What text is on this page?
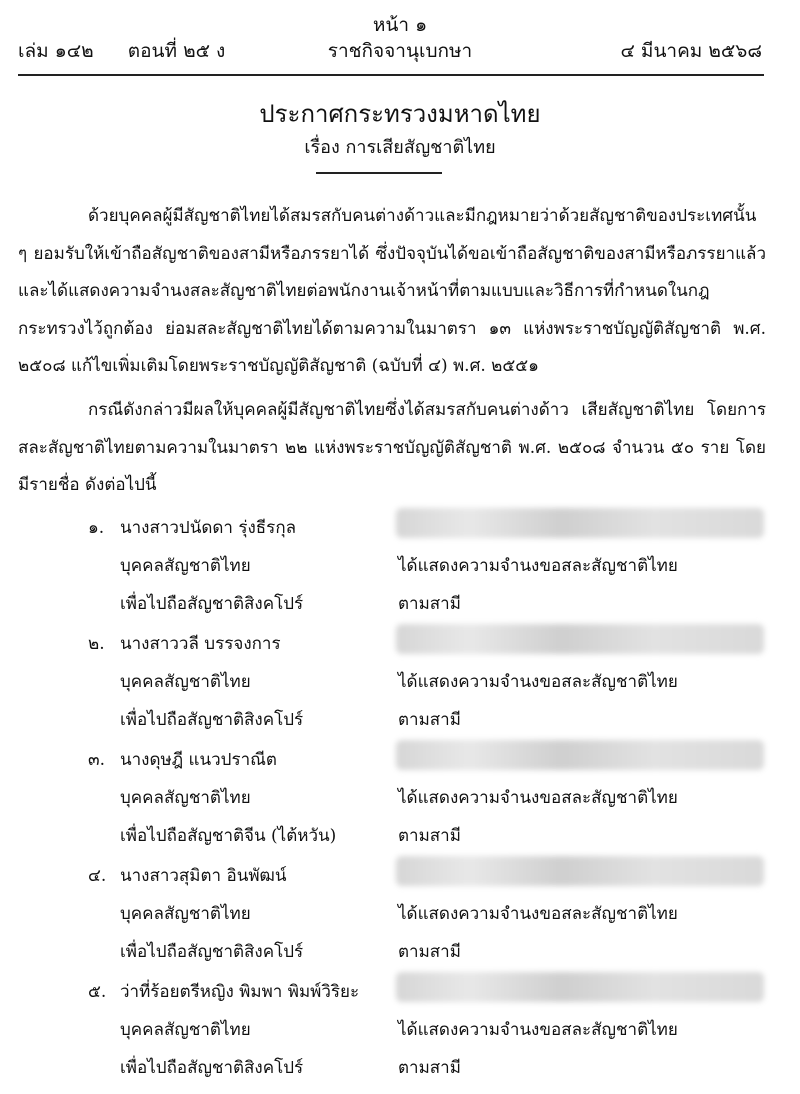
หน้า ๑
เล่ม ๑๔๒ ตอนที่ ๒๕ ง	ราชกิจจานุเบกษา	๔ มีนาคม ๒๕๖๘
ประกาศกระทรวงมหาดไทย
เรื่อง การเสียสัญชาติไทย

ด้วยบุคคลผู้มีสัญชาติไทยได้สมรสกับคนต่างด้าวและมีกฎหมายว่าด้วยสัญชาติของประเทศนั้น ๆ ยอมรับให้เข้าถือสัญชาติของสามีหรือภรรยาได้ ซึ่งปัจจุบันได้ขอเข้าถือสัญชาติของสามีหรือภรรยาแล้ว และได้แสดงความจำนงสละสัญชาติไทยต่อพนักงานเจ้าหน้าที่ตามแบบและวิธีการที่กำหนดในกฎกระทรวงไว้ถูกต้อง ย่อมสละสัญชาติไทยได้ตามความในมาตรา ๑๓ แห่งพระราชบัญญัติสัญชาติ พ.ศ. ๒๕๐๘ แก้ไขเพิ่มเติมโดยพระราชบัญญัติสัญชาติ (ฉบับที่ ๔) พ.ศ. ๒๕๕๑

กรณีดังกล่าวมีผลให้บุคคลผู้มีสัญชาติไทยซึ่งได้สมรสกับคนต่างด้าว เสียสัญชาติไทย โดยการสละสัญชาติไทยตามความในมาตรา ๒๒ แห่งพระราชบัญญัติสัญชาติ พ.ศ. ๒๕๐๘ จำนวน ๕๐ ราย โดยมีรายชื่อ ดังต่อไปนี้

๑. นางสาวปนัดดา รุ่งธีรกุล
บุคคลสัญชาติไทย	ได้แสดงความจำนงขอสละสัญชาติไทย
เพื่อไปถือสัญชาติสิงคโปร์	ตามสามี
๒. นางสาววลี บรรจงการ
บุคคลสัญชาติไทย	ได้แสดงความจำนงขอสละสัญชาติไทย
เพื่อไปถือสัญชาติสิงคโปร์	ตามสามี
๓. นางดุษฎี แนวปราณีต
บุคคลสัญชาติไทย	ได้แสดงความจำนงขอสละสัญชาติไทย
เพื่อไปถือสัญชาติจีน (ไต้หวัน)	ตามสามี
๔. นางสาวสุมิตา อินพัฒน์
บุคคลสัญชาติไทย	ได้แสดงความจำนงขอสละสัญชาติไทย
เพื่อไปถือสัญชาติสิงคโปร์	ตามสามี
๕. ว่าที่ร้อยตรีหญิง พิมพา พิมพ์วิริยะ
บุคคลสัญชาติไทย	ได้แสดงความจำนงขอสละสัญชาติไทย
เพื่อไปถือสัญชาติสิงคโปร์	ตามสามี
